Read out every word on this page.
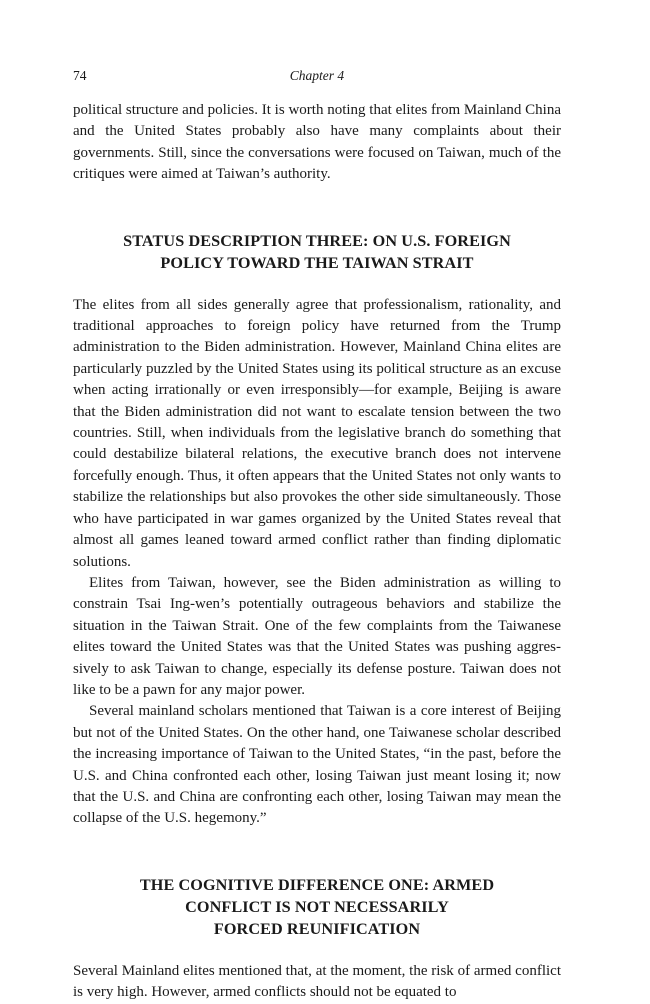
74	Chapter 4

political structure and policies. It is worth noting that elites from Mainland China and the United States probably also have many complaints about their governments. Still, since the conversations were focused on Taiwan, much of the critiques were aimed at Taiwan’s authority.

STATUS DESCRIPTION THREE: ON U.S. FOREIGN
POLICY TOWARD THE TAIWAN STRAIT

The elites from all sides generally agree that professionalism, rationality, and traditional approaches to foreign policy have returned from the Trump administration to the Biden administration. However, Mainland China elites are particularly puzzled by the United States using its political structure as an excuse when acting irrationally or even irresponsibly—for example, Beijing is aware that the Biden administration did not want to escalate tension between the two countries. Still, when individuals from the legislative branch do something that could destabilize bilateral relations, the executive branch does not intervene forcefully enough. Thus, it often appears that the United States not only wants to stabilize the relationships but also provokes the other side simultaneously. Those who have participated in war games organized by the United States reveal that almost all games leaned toward armed conflict rather than finding diplomatic solutions.

Elites from Taiwan, however, see the Biden administration as willing to constrain Tsai Ing-wen’s potentially outrageous behaviors and stabilize the situation in the Taiwan Strait. One of the few complaints from the Taiwanese elites toward the United States was that the United States was pushing aggressively to ask Taiwan to change, especially its defense posture. Taiwan does not like to be a pawn for any major power.

Several mainland scholars mentioned that Taiwan is a core interest of Beijing but not of the United States. On the other hand, one Taiwanese scholar described the increasing importance of Taiwan to the United States, “in the past, before the U.S. and China confronted each other, losing Taiwan just meant losing it; now that the U.S. and China are confronting each other, losing Taiwan may mean the collapse of the U.S. hegemony.”

THE COGNITIVE DIFFERENCE ONE: ARMED
CONFLICT IS NOT NECESSARILY
FORCED REUNIFICATION

Several Mainland elites mentioned that, at the moment, the risk of armed conflict is very high. However, armed conflicts should not be equated to
